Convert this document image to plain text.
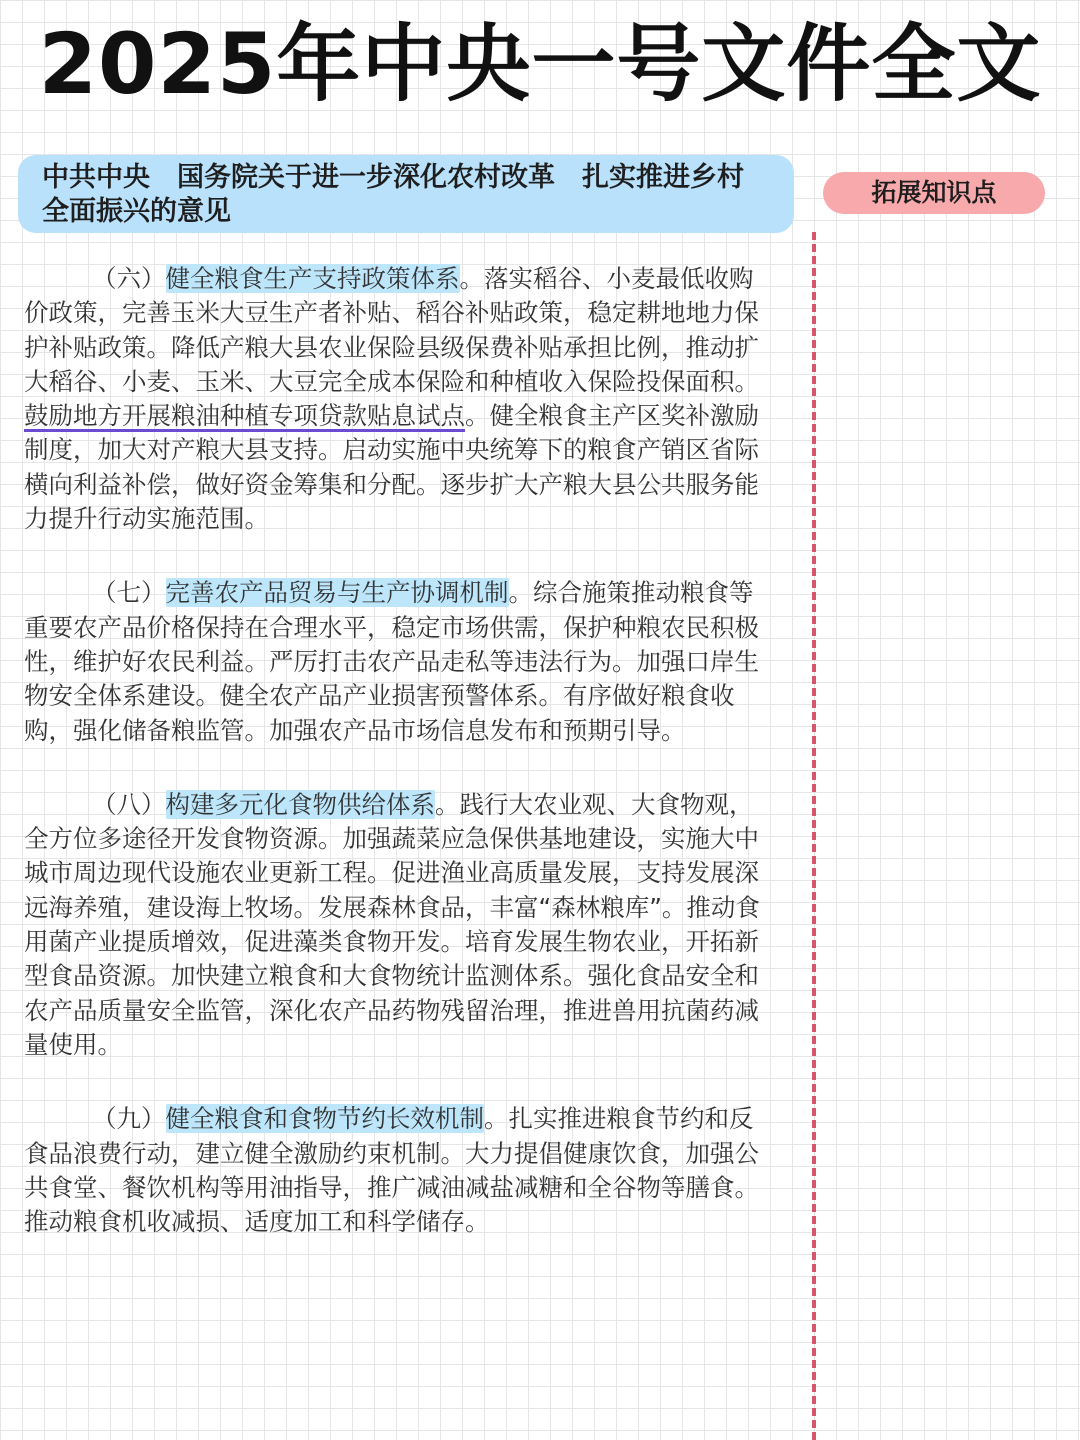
2025年中央一号文件全文
中共中央　国务院关于进一步深化农村改革　扎实推进乡村全面振兴的意见
拓展知识点

（六）健全粮食生产支持政策体系。落实稻谷、小麦最低收购价政策，完善玉米大豆生产者补贴、稻谷补贴政策，稳定耕地地力保护补贴政策。降低产粮大县农业保险县级保费补贴承担比例，推动扩大稻谷、小麦、玉米、大豆完全成本保险和种植收入保险投保面积。鼓励地方开展粮油种植专项贷款贴息试点。健全粮食主产区奖补激励制度，加大对产粮大县支持。启动实施中央统筹下的粮食产销区省际横向利益补偿，做好资金筹集和分配。逐步扩大产粮大县公共服务能力提升行动实施范围。

（七）完善农产品贸易与生产协调机制。综合施策推动粮食等重要农产品价格保持在合理水平，稳定市场供需，保护种粮农民积极性，维护好农民利益。严厉打击农产品走私等违法行为。加强口岸生物安全体系建设。健全农产品产业损害预警体系。有序做好粮食收购，强化储备粮监管。加强农产品市场信息发布和预期引导。

（八）构建多元化食物供给体系。践行大农业观、大食物观，全方位多途径开发食物资源。加强蔬菜应急保供基地建设，实施大中城市周边现代设施农业更新工程。促进渔业高质量发展，支持发展深远海养殖，建设海上牧场。发展森林食品，丰富“森林粮库”。推动食用菌产业提质增效，促进藻类食物开发。培育发展生物农业，开拓新型食品资源。加快建立粮食和大食物统计监测体系。强化食品安全和农产品质量安全监管，深化农产品药物残留治理，推进兽用抗菌药减量使用。

（九）健全粮食和食物节约长效机制。扎实推进粮食节约和反食品浪费行动，建立健全激励约束机制。大力提倡健康饮食，加强公共食堂、餐饮机构等用油指导，推广减油减盐减糖和全谷物等膳食。推动粮食机收减损、适度加工和科学储存。
